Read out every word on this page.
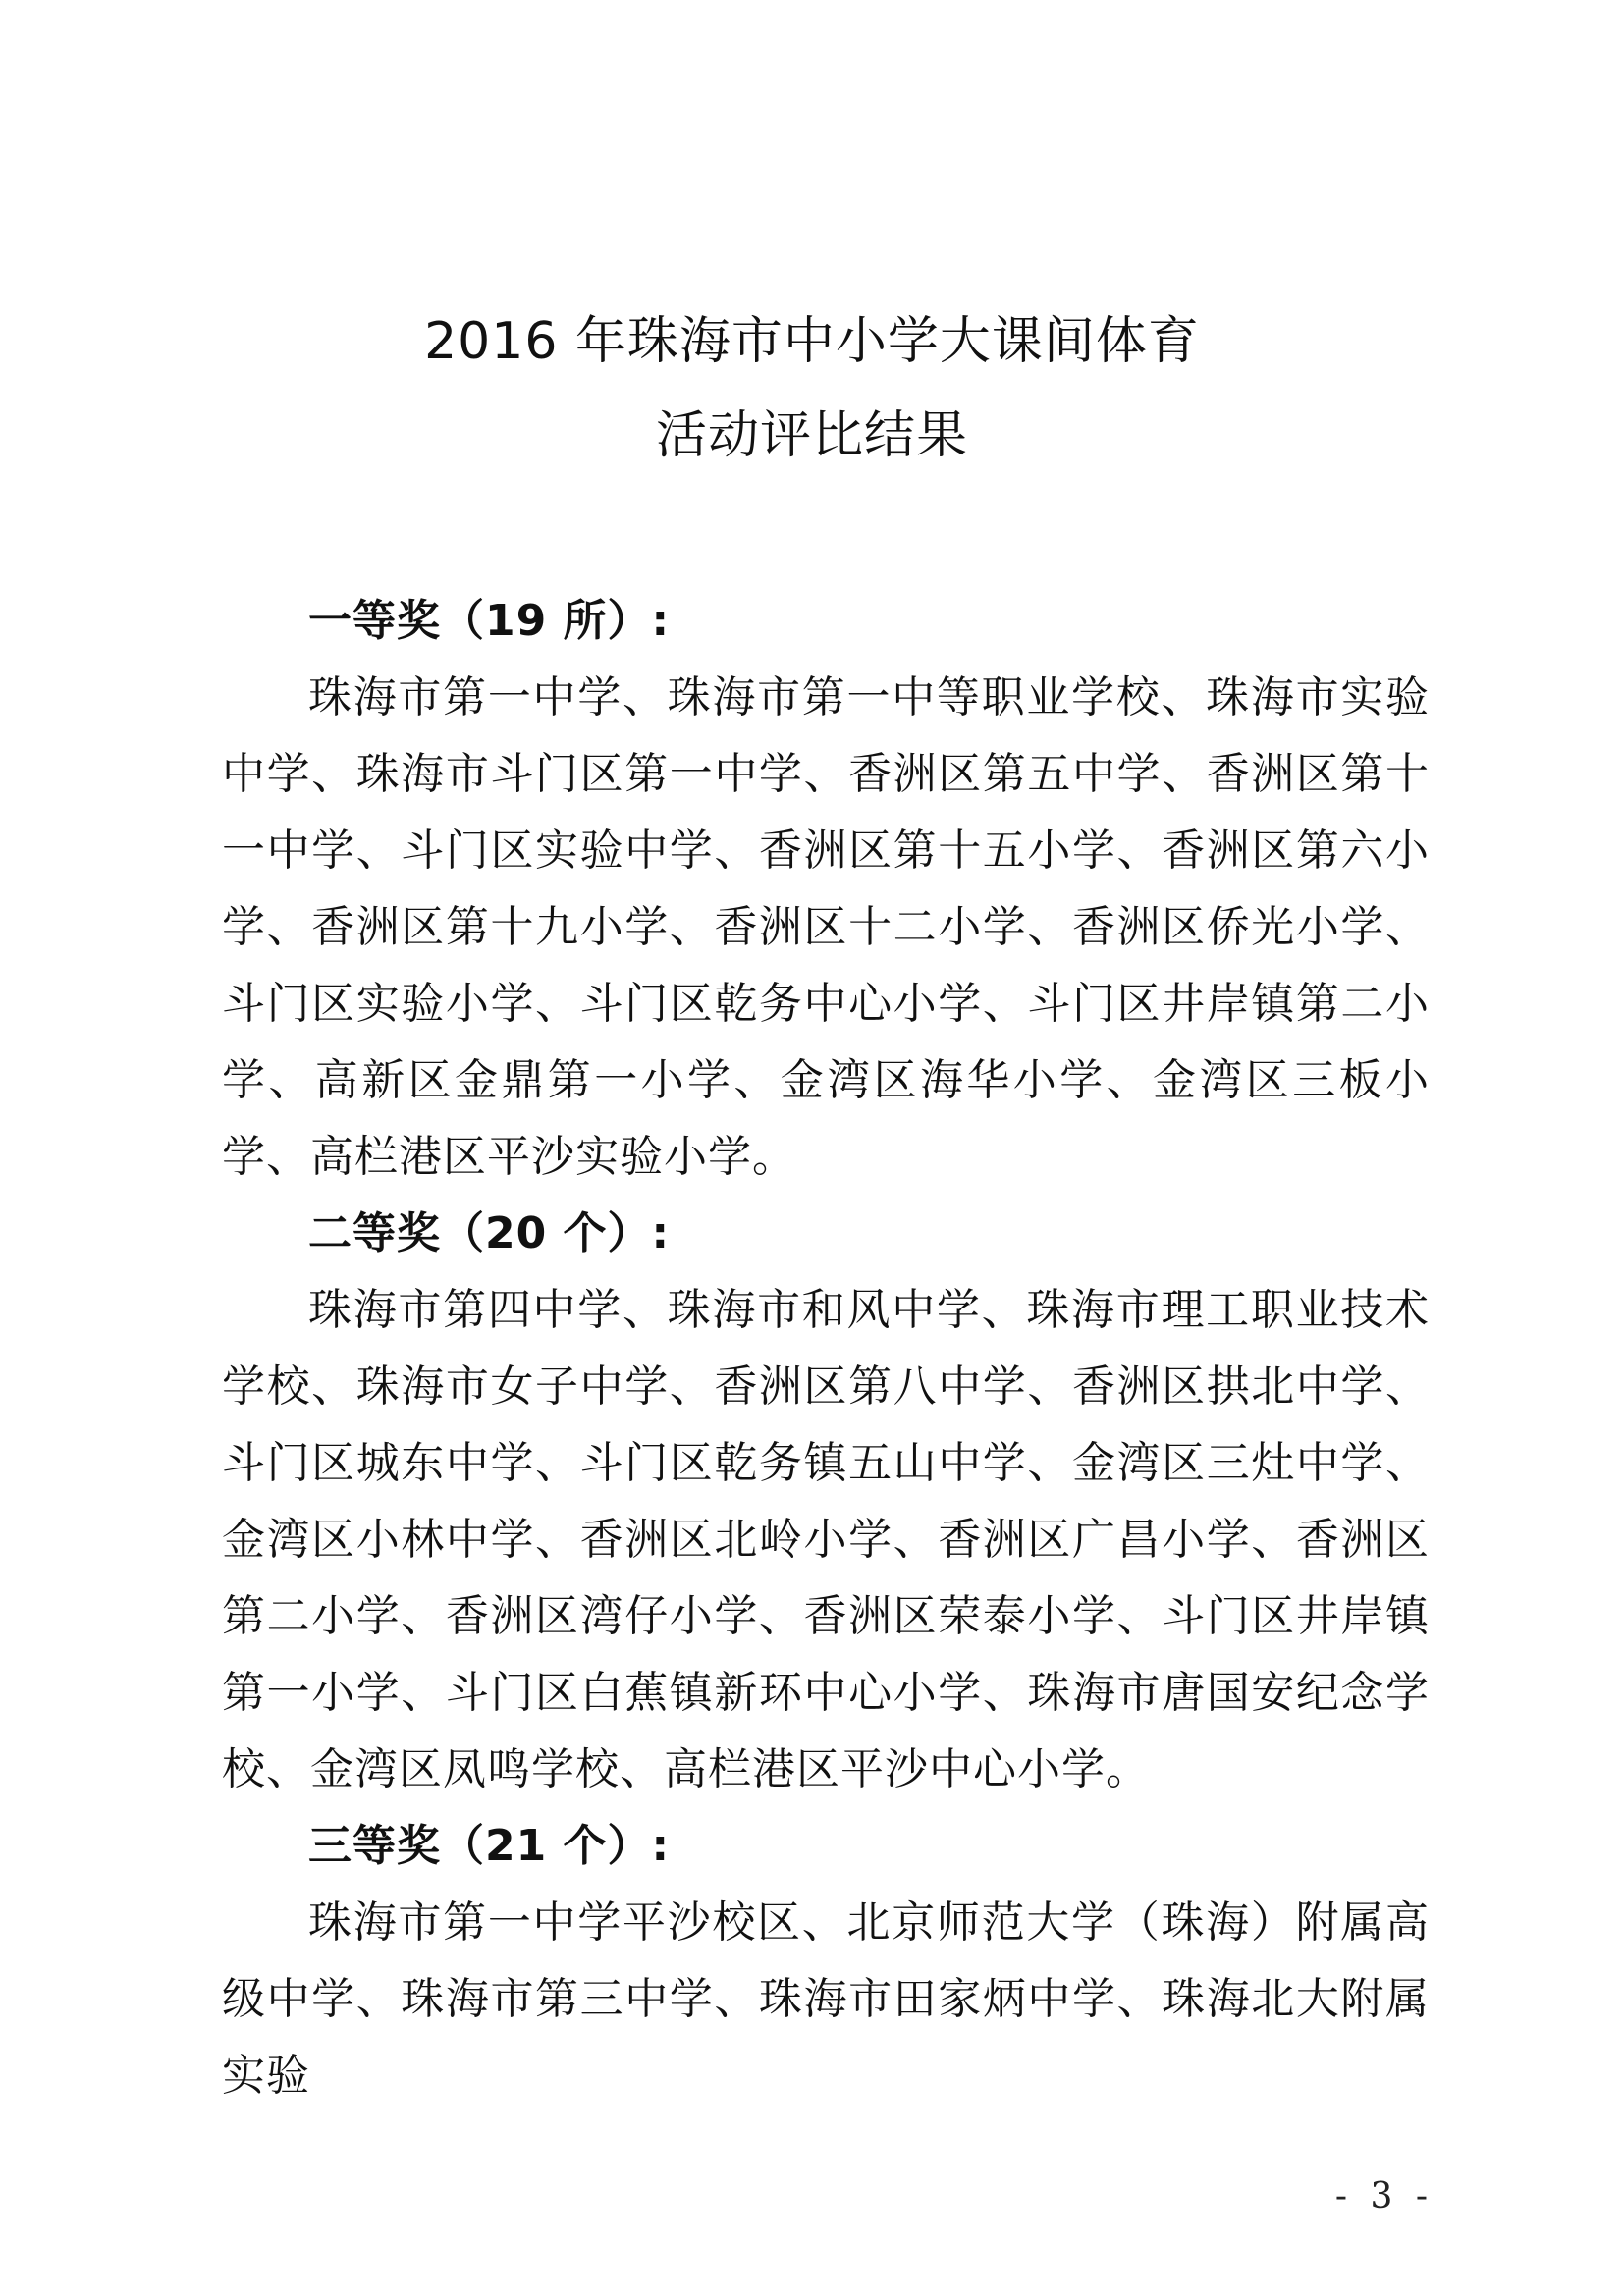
2016 年珠海市中小学大课间体育
活动评比结果

一等奖（19 所）:

珠海市第一中学、珠海市第一中等职业学校、珠海市实验中学、珠海市斗门区第一中学、香洲区第五中学、香洲区第十一中学、斗门区实验中学、香洲区第十五小学、香洲区第六小学、香洲区第十九小学、香洲区十二小学、香洲区侨光小学、斗门区实验小学、斗门区乾务中心小学、斗门区井岸镇第二小学、高新区金鼎第一小学、金湾区海华小学、金湾区三板小学、高栏港区平沙实验小学。

二等奖（20 个）:

珠海市第四中学、珠海市和风中学、珠海市理工职业技术学校、珠海市女子中学、香洲区第八中学、香洲区拱北中学、斗门区城东中学、斗门区乾务镇五山中学、金湾区三灶中学、金湾区小林中学、香洲区北岭小学、香洲区广昌小学、香洲区第二小学、香洲区湾仔小学、香洲区荣泰小学、斗门区井岸镇第一小学、斗门区白蕉镇新环中心小学、珠海市唐国安纪念学校、金湾区凤鸣学校、高栏港区平沙中心小学。

三等奖（21 个）:

珠海市第一中学平沙校区、北京师范大学（珠海）附属高级中学、珠海市第三中学、珠海市田家炳中学、珠海北大附属实验

- 3 -
